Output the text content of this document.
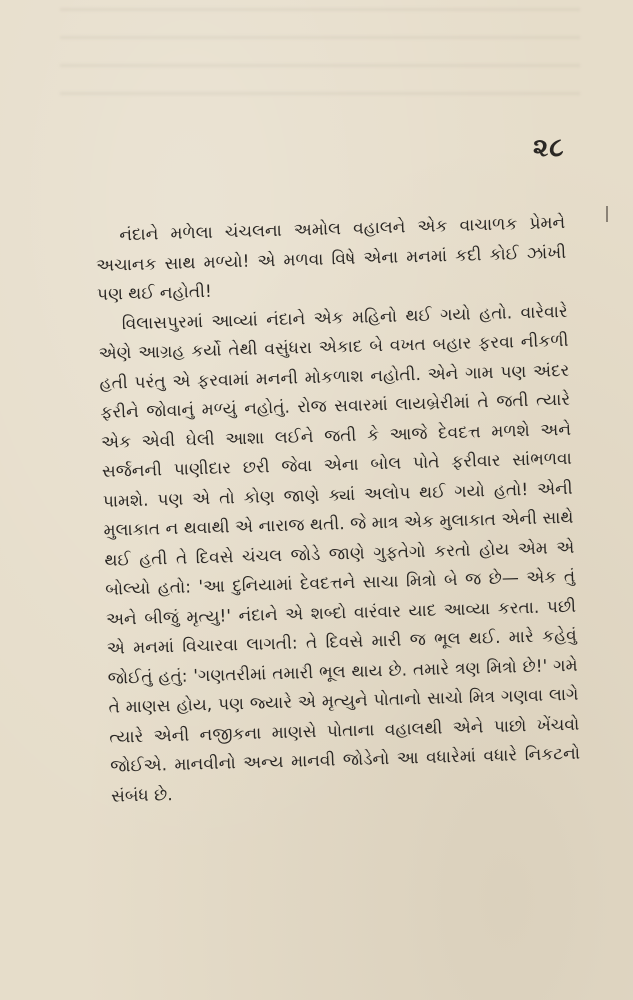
૨૮

નંદાને મળેલા ચંચલના અમોલ વહાલને એક વાચાળક પ્રેમને અચાનક સાથ મળ્યો! એ મળવા વિષે એના મનમાં કદી કોઈ ઝાંખી પણ થઈ નહોતી!

વિલાસપુરમાં આવ્યાં નંદાને એક મહિનો થઈ ગયો હતો. વારેવારે એણે આગ્રહ કર્યો તેથી વસુંધરા એકાદ બે વખત બહાર ફરવા નીકળી હતી પરંતુ એ ફરવામાં મનની મોકળાશ નહોતી. એને ગામ પણ અંદર ફરીને જોવાનું મળ્યું નહોતું. રોજ સવારમાં લાયબ્રેરીમાં તે જતી ત્યારે એક એવી ઘેલી આશા લઈને જતી કે આજે દેવદત્ત મળશે અને સર્જનની પાણીદાર છરી જેવા એના બોલ પોતે ફરીવાર સાંભળવા પામશે. પણ એ તો કોણ જાણે ક્યાં અલોપ થઈ ગયો હતો! એની મુલાકાત ન થવાથી એ નારાજ થતી. જે માત્ર એક મુલાકાત એની સાથે થઈ હતી તે દિવસે ચંચલ જોડે જાણે ગુફતેગો કરતો હોય એમ એ બોલ્યો હતો: 'આ દુનિયામાં દેવદત્તને સાચા મિત્રો બે જ છે— એક તું અને બીજું મૃત્યુ!' નંદાને એ શબ્દો વારંવાર યાદ આવ્યા કરતા. પછી એ મનમાં વિચારવા લાગતી: તે દિવસે મારી જ ભૂલ થઈ. મારે કહેવું જોઈતું હતું: 'ગણતરીમાં તમારી ભૂલ થાય છે. તમારે ત્રણ મિત્રો છે!' ગમે તે માણસ હોય, પણ જ્યારે એ મૃત્યુને પોતાનો સાચો મિત્ર ગણવા લાગે ત્યારે એની નજીકના માણસે પોતાના વહાલથી એને પાછો ખેંચવો જોઈએ. માનવીનો અન્ય માનવી જોડેનો આ વધારેમાં વધારે નિકટનો સંબંધ છે.
